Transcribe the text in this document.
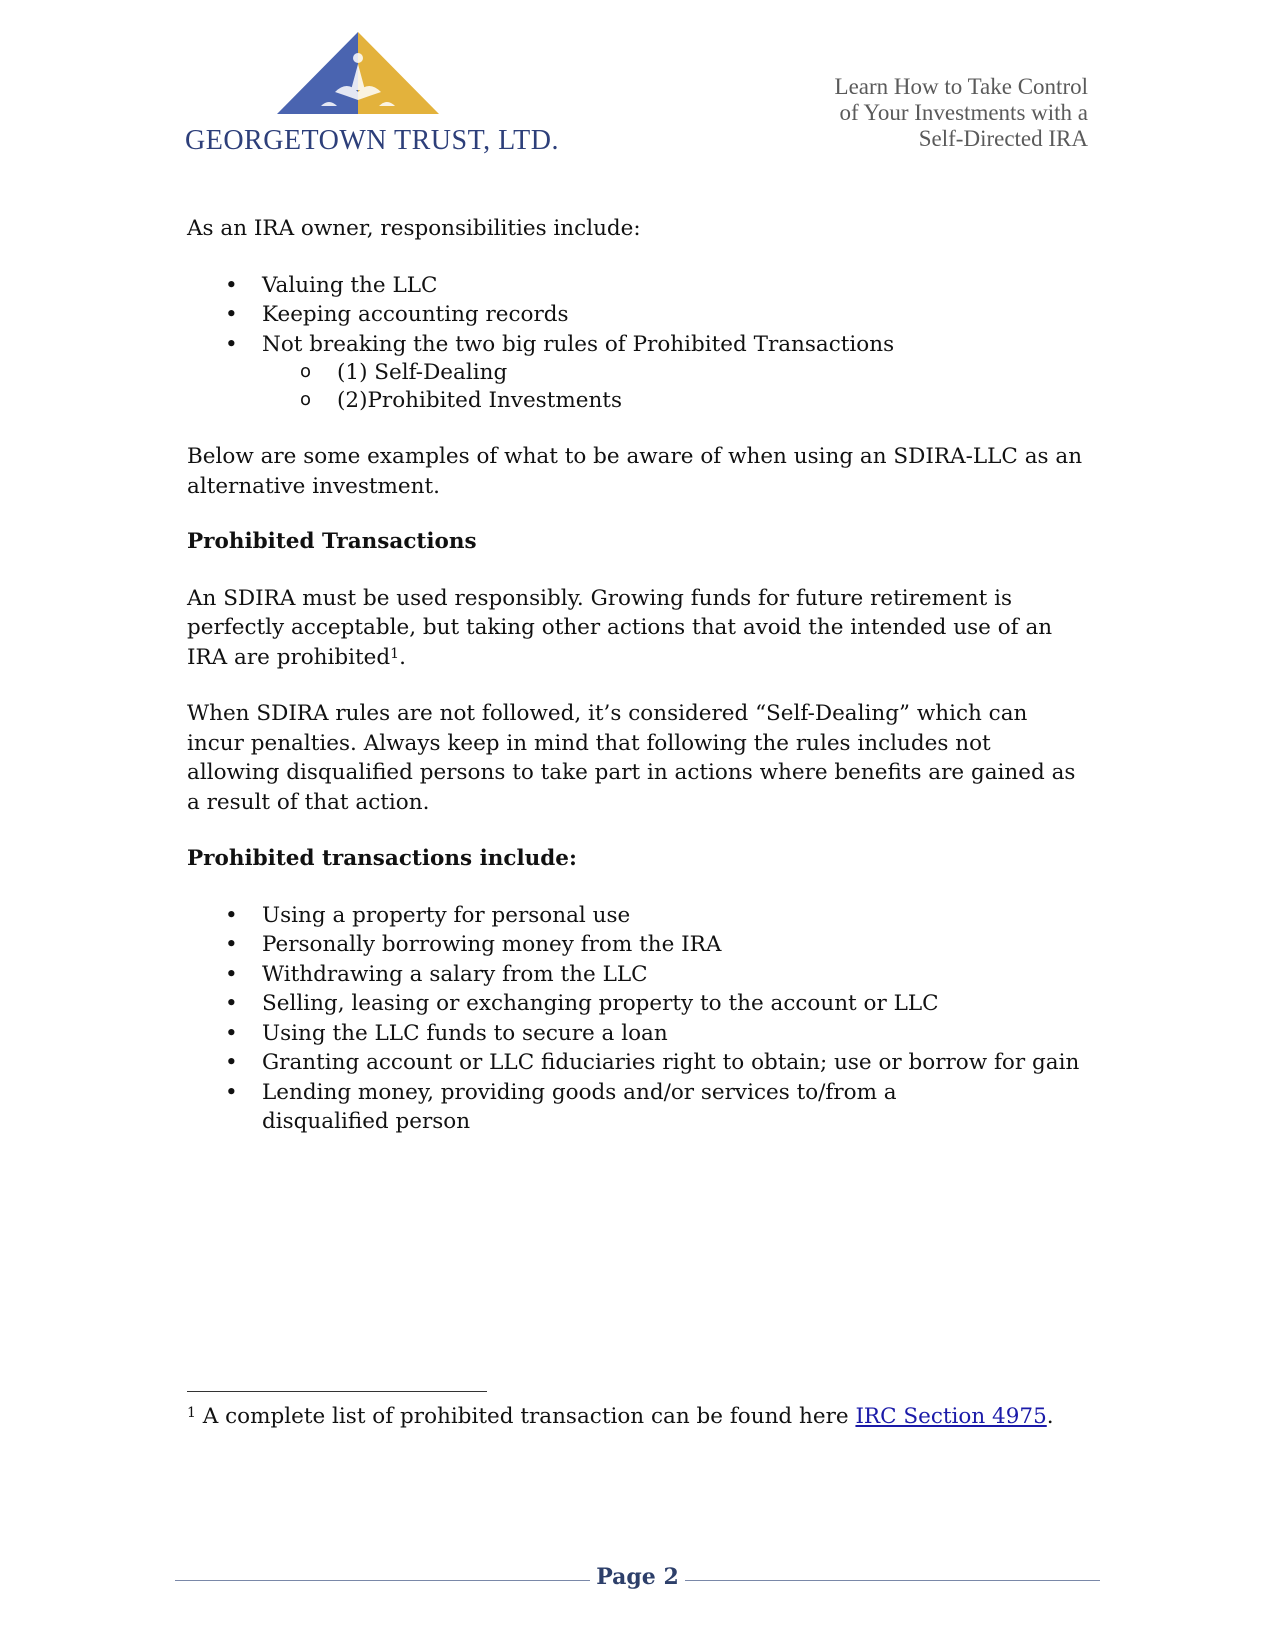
GEORGETOWN TRUST, LTD.
Learn How to Take Control
of Your Investments with a
Self-Directed IRA

As an IRA owner, responsibilities include:

• Valuing the LLC
• Keeping accounting records
• Not breaking the two big rules of Prohibited Transactions
o (1) Self-Dealing
o (2)Prohibited Investments

Below are some examples of what to be aware of when using an SDIRA-LLC as an alternative investment.

Prohibited Transactions

An SDIRA must be used responsibly. Growing funds for future retirement is perfectly acceptable, but taking other actions that avoid the intended use of an IRA are prohibited$^1$.

When SDIRA rules are not followed, it’s considered “Self-Dealing” which can incur penalties. Always keep in mind that following the rules includes not allowing disqualified persons to take part in actions where benefits are gained as a result of that action.

Prohibited transactions include:

• Using a property for personal use
• Personally borrowing money from the IRA
• Withdrawing a salary from the LLC
• Selling, leasing or exchanging property to the account or LLC
• Using the LLC funds to secure a loan
• Granting account or LLC fiduciaries right to obtain; use or borrow for gain
• Lending money, providing goods and/or services to/from a disqualified person
$^1$ A complete list of prohibited transaction can be found here IRC Section 4975.
Page 2
